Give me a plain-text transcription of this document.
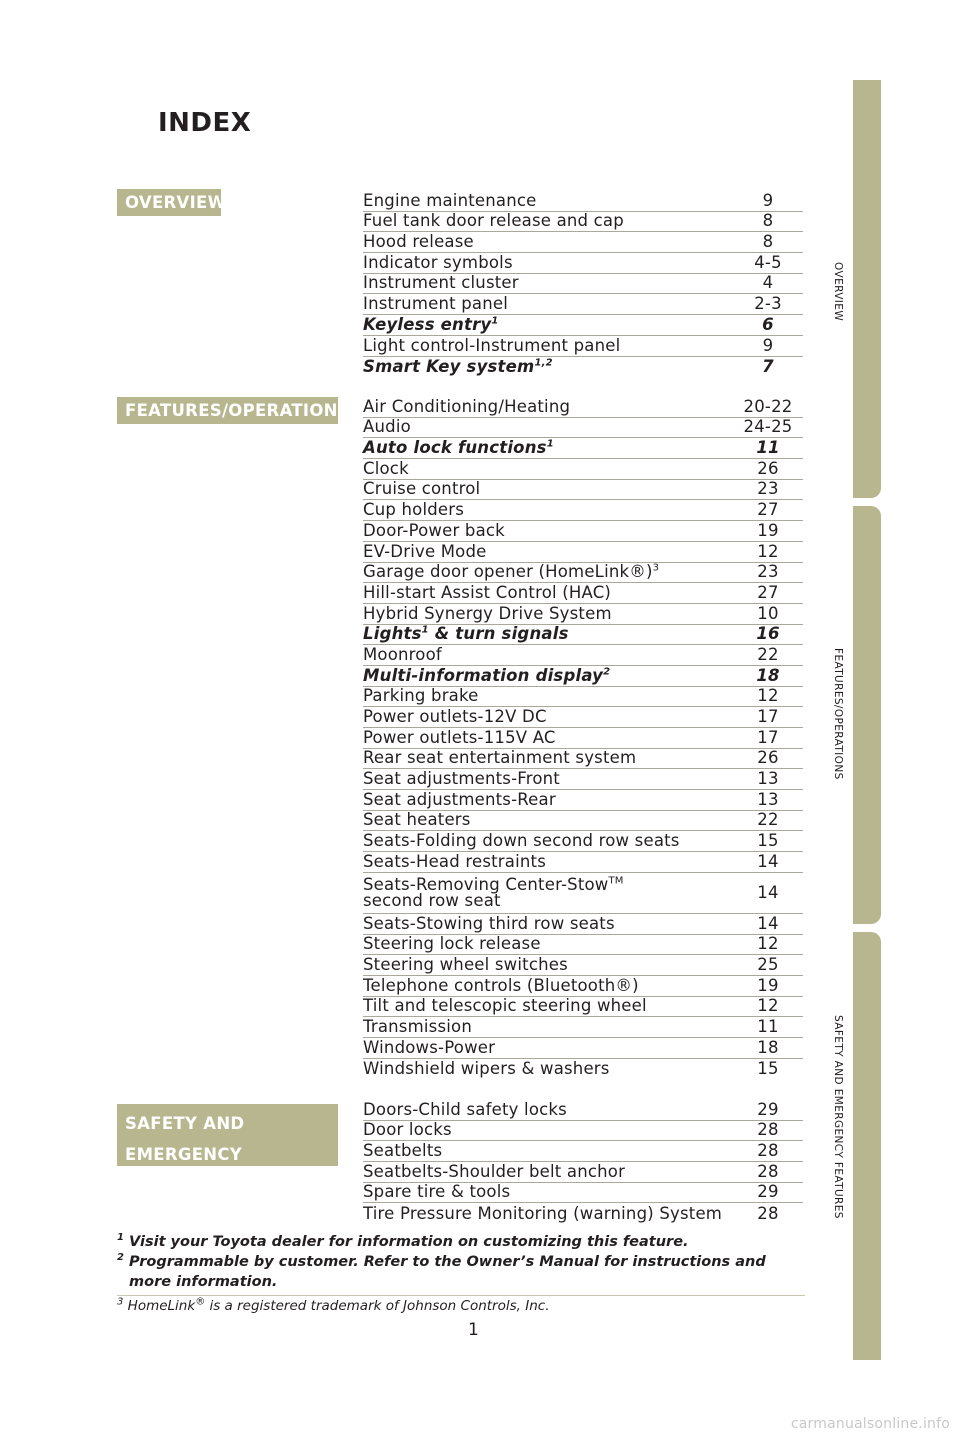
INDEX
OVERVIEW
FEATURES/OPERATIONS
SAFETY AND
EMERGENCY FEATURES
Engine maintenance	9
Fuel tank door release and cap	8
Hood release	8
Indicator symbols	4-5
Instrument cluster	4
Instrument panel	2-3
Keyless entry$^1$	6
Light control-Instrument panel	9
Smart Key system$^{1,2}$	7
Air Conditioning/Heating	20-22
Audio	24-25
Auto lock functions$^1$	11
Clock	26
Cruise control	23
Cup holders	27
Door-Power back	19
EV-Drive Mode	12
Garage door opener (HomeLink®)$^3$	23
Hill-start Assist Control (HAC)	27
Hybrid Synergy Drive System	10
Lights$^1$ & turn signals	16
Moonroof	22
Multi-information display$^2$	18
Parking brake	12
Power outlets-12V DC	17
Power outlets-115V AC	17
Rear seat entertainment system	26
Seat adjustments-Front	13
Seat adjustments-Rear	13
Seat heaters	22
Seats-Folding down second row seats	15
Seats-Head restraints	14
Seats-Removing Center-Stow™
second row seat	14
Seats-Stowing third row seats	14
Steering lock release	12
Steering wheel switches	25
Telephone controls (Bluetooth®)	19
Tilt and telescopic steering wheel	12
Transmission	11
Windows-Power	18
Windshield wipers & washers	15
Doors-Child safety locks	29
Door locks	28
Seatbelts	28
Seatbelts-Shoulder belt anchor	28
Spare tire & tools	29
Tire Pressure Monitoring (warning) System	28
$^1$ Visit your Toyota dealer for information on customizing this feature.
$^2$ Programmable by customer. Refer to the Owner’s Manual for instructions and
more information.
$^3$ HomeLink® is a registered trademark of Johnson Controls, Inc.
1
OVERVIEW
FEATURES/OPERATIONS
SAFETY AND EMERGENCY FEATURES
carmanualsonline.info
